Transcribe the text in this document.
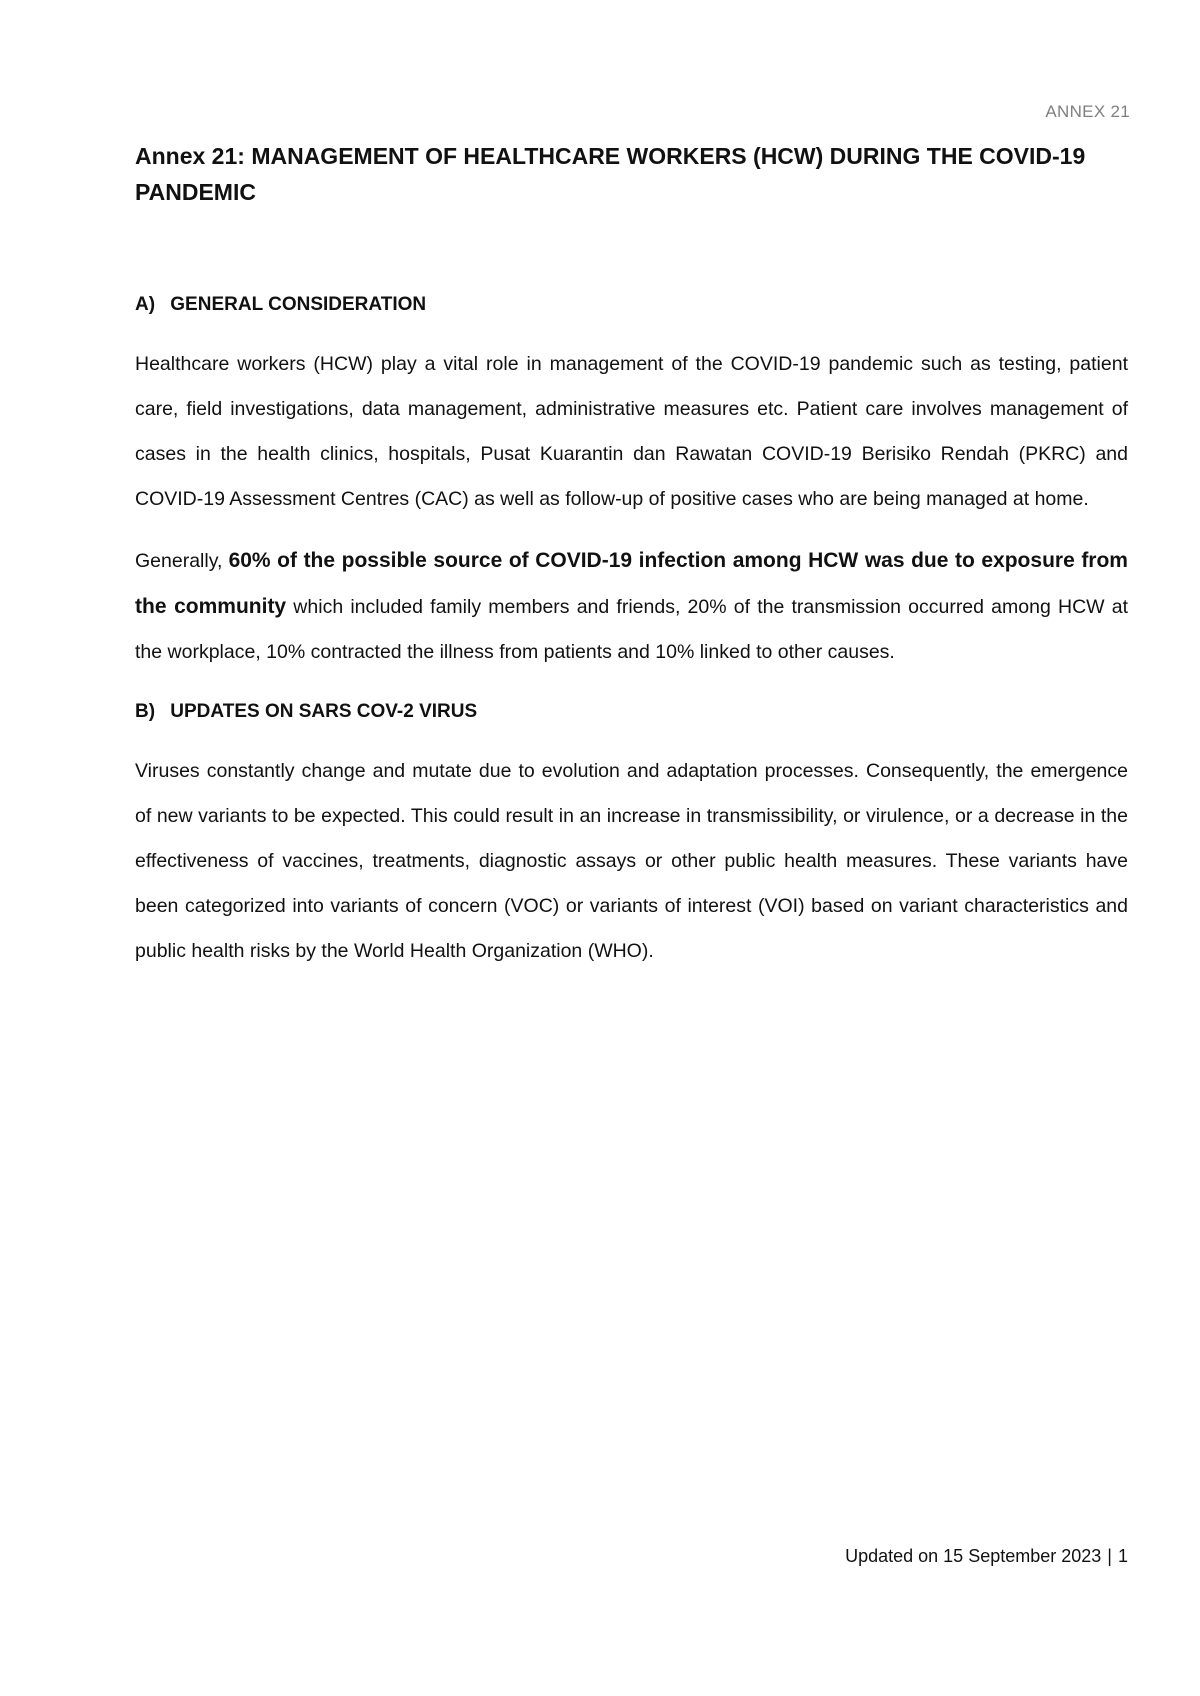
ANNEX 21
Annex 21: MANAGEMENT OF HEALTHCARE WORKERS (HCW) DURING THE COVID-19 PANDEMIC
A) GENERAL CONSIDERATION

Healthcare workers (HCW) play a vital role in management of the COVID-19 pandemic such as testing, patient care, field investigations, data management, administrative measures etc. Patient care involves management of cases in the health clinics, hospitals, Pusat Kuarantin dan Rawatan COVID-19 Berisiko Rendah (PKRC) and COVID-19 Assessment Centres (CAC) as well as follow-up of positive cases who are being managed at home.

Generally, 60% of the possible source of COVID-19 infection among HCW was due to exposure from the community which included family members and friends, 20% of the transmission occurred among HCW at the workplace, 10% contracted the illness from patients and 10% linked to other causes.

B) UPDATES ON SARS COV-2 VIRUS

Viruses constantly change and mutate due to evolution and adaptation processes. Consequently, the emergence of new variants to be expected. This could result in an increase in transmissibility, or virulence, or a decrease in the effectiveness of vaccines, treatments, diagnostic assays or other public health measures. These variants have been categorized into variants of concern (VOC) or variants of interest (VOI) based on variant characteristics and public health risks by the World Health Organization (WHO).

Updated on 15 September 2023 | 1
